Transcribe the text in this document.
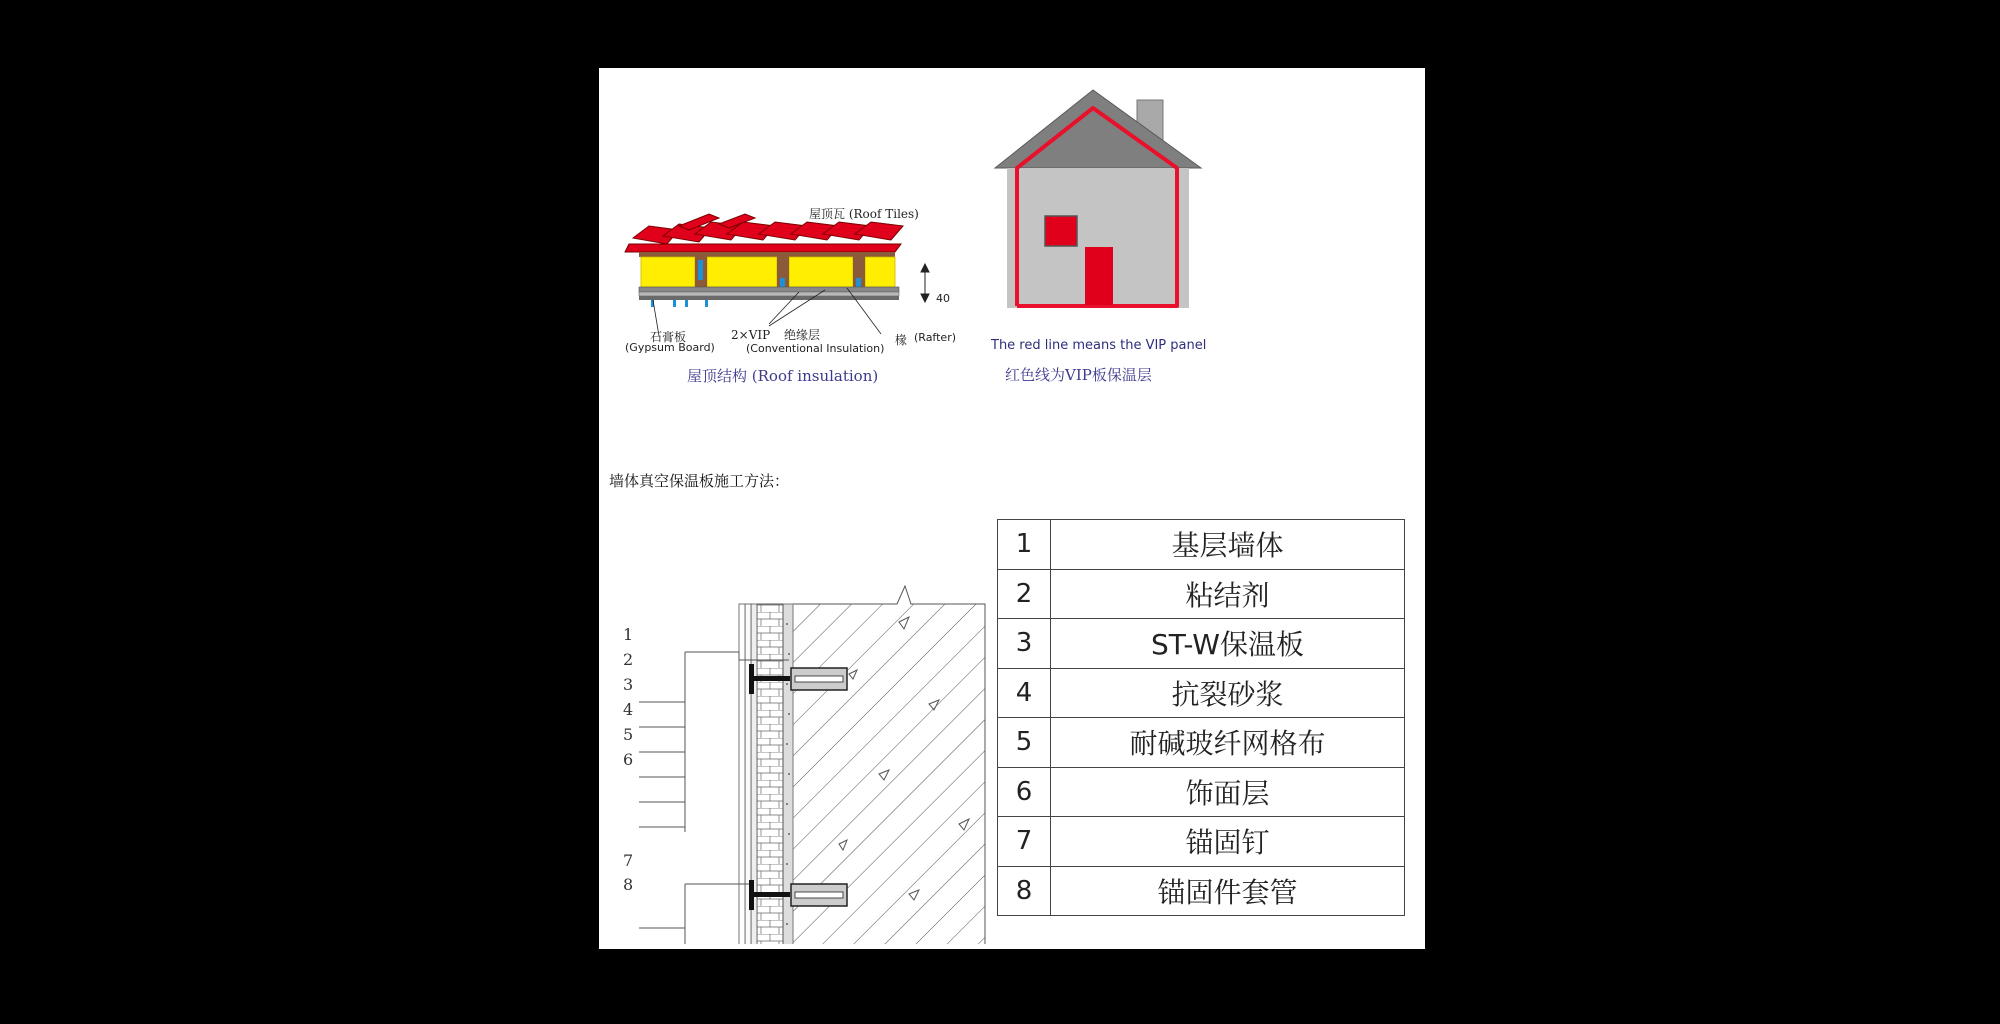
屋顶瓦 (Roof Tiles)
40
石膏板
(Gypsum Board)
2×VIP 绝缘层
(Conventional Insulation)
椽 (Rafter)
屋顶结构 (Roof insulation)
The red line means the VIP panel
红色线为VIP板保温层
墙体真空保温板施工方法：
1
2
3
4
5
6
7
8
1	基层墙体
2	粘结剂
3	ST-W保温板
4	抗裂砂浆
5	耐碱玻纤网格布
6	饰面层
7	锚固钉
8	锚固件套管
